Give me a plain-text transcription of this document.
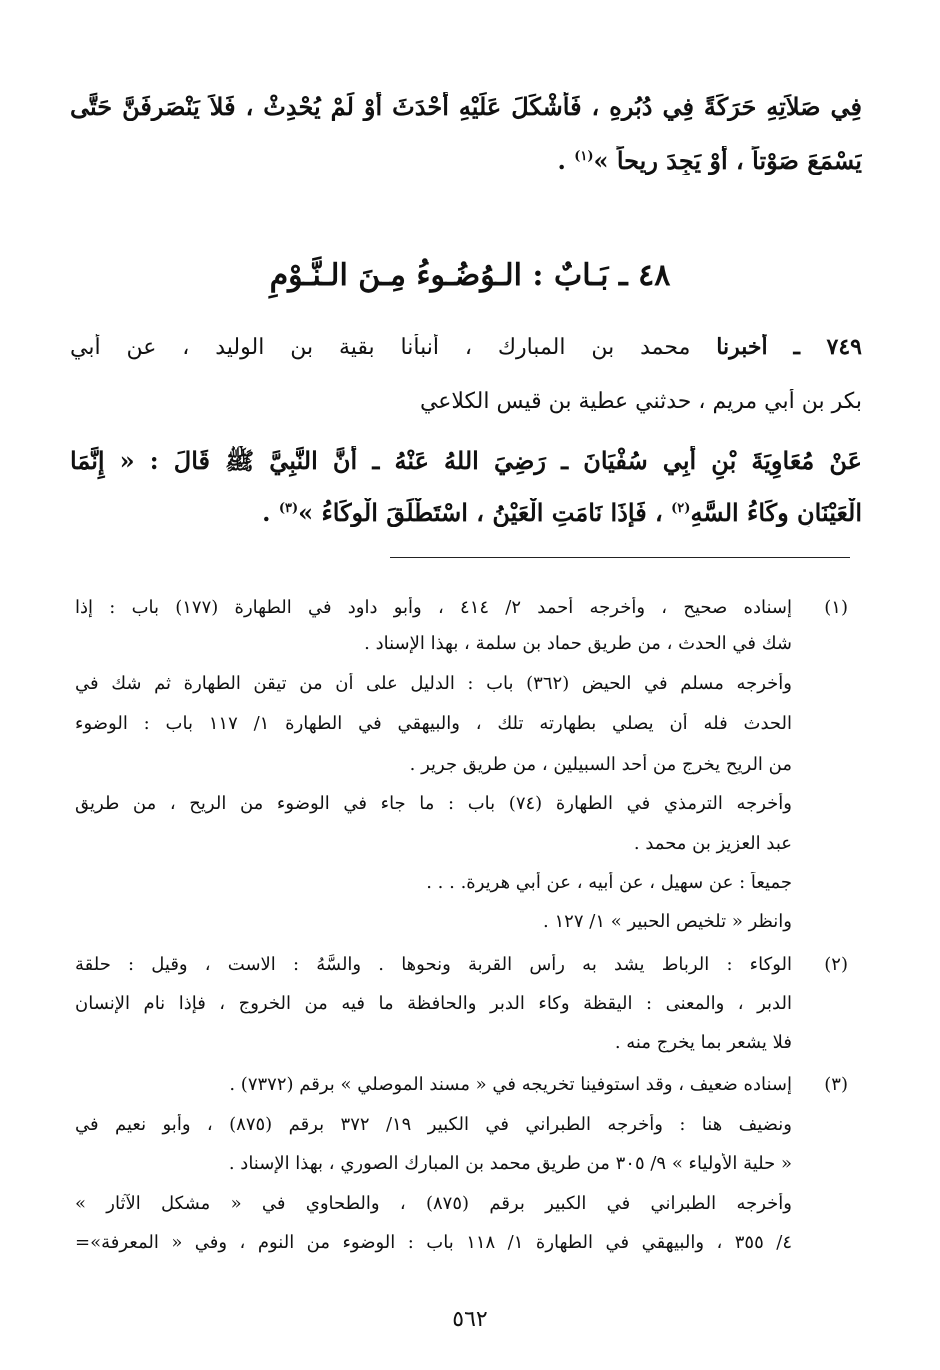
فِي صَلاَتِهِ حَرَكَةً فِي دُبُرِهِ ، فَأَشْكَلَ عَلَيْهِ أَحْدَثَ أَوْ لَمْ يُحْدِثْ ، فَلاَ يَنْصَرِفَنَّ حَتَّى
يَسْمَعَ صَوْتاً ، أَوْ يَجِدَ رِيحاً »$^{(١)}$ .
٤٨ ـ بَـابٌ : الـوُضُـوءُ مِـنَ الـنَّـوْمِ
٧٤٩ ـ أخبرنا محمد بن المبارك ، أنبأنا بقية بن الوليد ، عن أبي
بكر بن أبي مريم ، حدثني عطية بن قيس الكلاعي
عَنْ مُعَاوِيَةَ بْنِ أَبِي سُفْيَانَ ـ رَضِيَ اللهُ عَنْهُ ـ أَنَّ النَّبِيَّ ﷺ قَالَ : « إِنَّمَا
الْعَيْنَانِ وِكَاءُ السَّهِ$^{(٢)}$ ، فَإِذَا نَامَتِ الْعَيْنُ ، اسْتَطْلَقَ الْوِكَاءُ »$^{(٣)}$ .
(١)
إسناده صحيح ، وأخرجه أحمد ٢/ ٤١٤ ، وأبو داود في الطهارة (١٧٧) باب : إذا
شك في الحدث ، من طريق حماد بن سلمة ، بهذا الإسناد .
وأخرجه مسلم في الحيض (٣٦٢) باب : الدليل على أن من تيقن الطهارة ثم شك في
الحدث فله أن يصلي بطهارته تلك ، والبيهقي في الطهارة ١/ ١١٧ باب : الوضوء
من الريح يخرج من أحد السبيلين ، من طريق جرير .
وأخرجه الترمذي في الطهارة (٧٤) باب : ما جاء في الوضوء من الريح ، من طريق
عبد العزيز بن محمد .
جميعاً : عن سهيل ، عن أبيه ، عن أبي هريرة. . . .
وانظر « تلخيص الحبير » ١/ ١٢٧ .
(٢)
الوكاء : الرباط يشد به رأس القربة ونحوها . والسَّهُ : الاست ، وقيل : حلقة
الدبر ، والمعنى : اليقظة وكاء الدبر والحافظة ما فيه من الخروج ، فإذا نام الإنسان
فلا يشعر بما يخرج منه .
(٣)
إسناده ضعيف ، وقد استوفينا تخريجه في « مسند الموصلي » برقم (٧٣٧٢) .
ونضيف هنا : وأخرجه الطبراني في الكبير ١٩/ ٣٧٢ برقم (٨٧٥) ، وأبو نعيم في
« حلية الأولياء » ٩/ ٣٠٥ من طريق محمد بن المبارك الصوري ، بهذا الإسناد .
وأخرجه الطبراني في الكبير برقم (٨٧٥) ، والطحاوي في « مشكل الآثار »
٤/ ٣٥٥ ، والبيهقي في الطهارة ١/ ١١٨ باب : الوضوء من النوم ، وفي « المعرفة»=
٥٦٢
